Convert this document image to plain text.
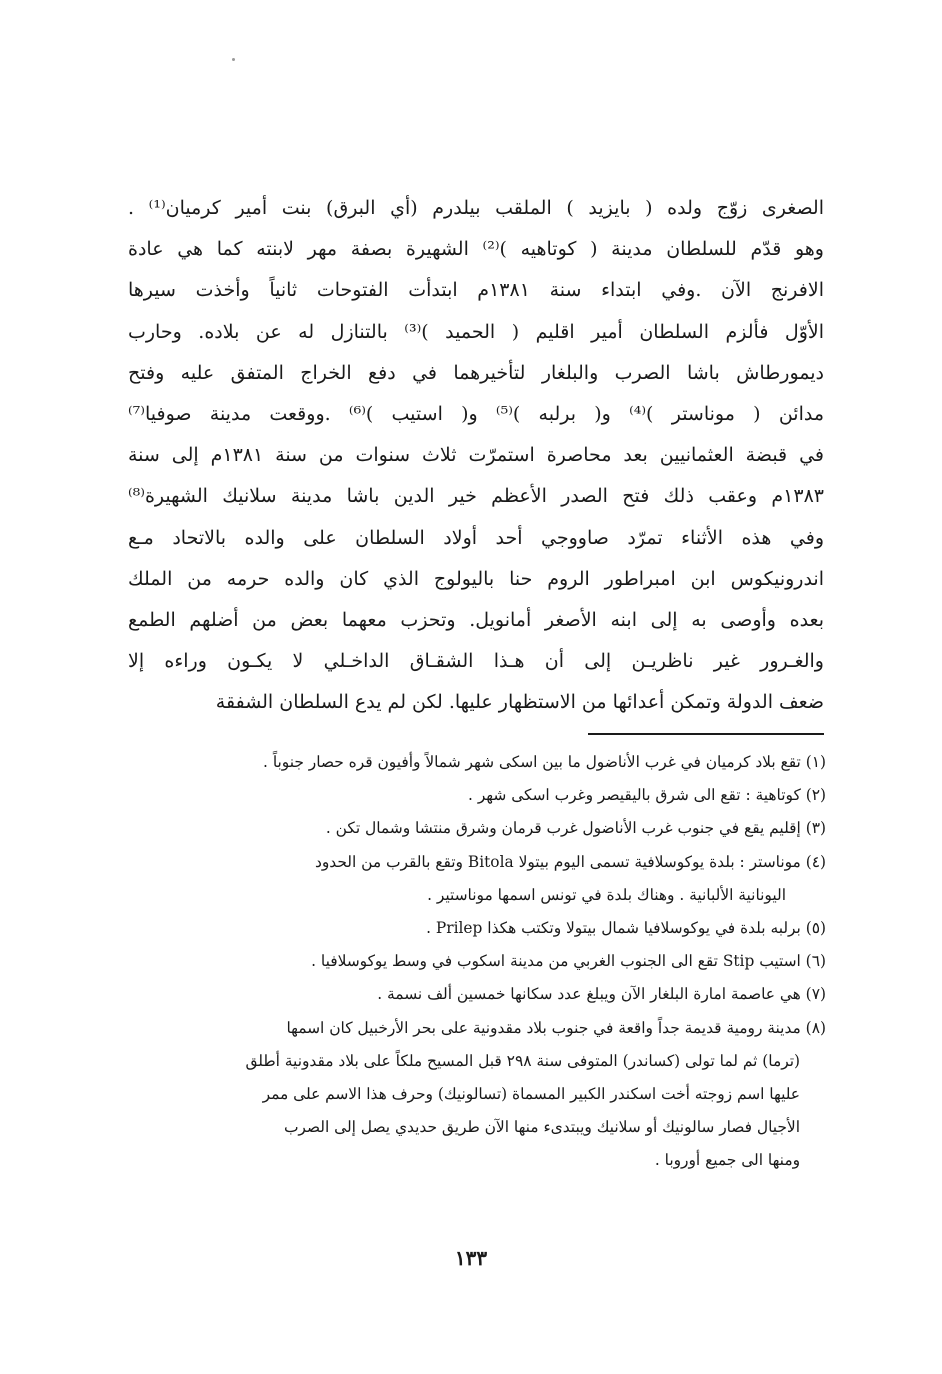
الصغرى زوّج ولده ( بايزيد ) الملقب بيلدرم (أي البرق) بنت أمير كرميان⁽¹⁾ .
وهو قدّم للسلطان مدينة ( كوتاهيه )⁽²⁾ الشهيرة بصفة مهر لابنته كما هي عادة
الافرنج الآن .وفي ابتداء سنة ١٣٨١م ابتدأت الفتوحات ثانياً وأخذت سيرها
الأوّل فألزم السلطان أمير اقليم ( الحميد )⁽³⁾ بالتنازل له عن بلاده. وحارب
ديمورطاش باشا الصرب والبلغار لتأخيرهما في دفع الخراج المتفق عليه وفتح
مدائن ( موناستر )⁽⁴⁾ و( برلبه )⁽⁵⁾ و( استيب )⁽⁶⁾ .ووقعت مدينة صوفيا⁽⁷⁾
في قبضة العثمانيين بعد محاصرة استمرّت ثلاث سنوات من سنة ١٣٨١م إلى سنة
١٣٨٣م وعقب ذلك فتح الصدر الأعظم خير الدين باشا مدينة سلانيك الشهيرة⁽⁸⁾
وفي هذه الأثناء تمرّد صاووجي أحد أولاد السلطان على والده بالاتحاد مـع
اندرونيكوس ابن امبراطور الروم حنا باليولوج الذي كان والده حرمه من الملك
بعده وأوصى به إلى ابنه الأصغر أمانويل. وتحزب معهما بعض من أضلهم الطمع
والغـرور غير ناظريـن إلى أن هـذا الشقـاق الداخـلي لا يكـون وراءه إلا
ضعف الدولة وتمكن أعدائها من الاستظهار عليها. لكن لم يدع السلطان الشفقة
(١) تقع بلاد كرميان في غرب الأناضول ما بين اسكى شهر شمالاً وأفيون قره حصار جنوباً .
(٢) كوتاهية : تقع الى شرق باليقيصر وغرب اسكى شهر .
(٣) إقليم يقع في جنوب غرب الأناضول غرب قرمان وشرق منتشا وشمال تكن .
(٤) موناستر : بلدة يوكوسلافية تسمى اليوم بيتولا Bitola وتقع بالقرب من الحدود
اليونانية الألبانية . وهناك بلدة في تونس اسمها موناستير .
(٥) برلبه بلدة في يوكوسلافيا شمال بيتولا وتكتب هكذا Prilep .
(٦) استيب Stip تقع الى الجنوب الغربي من مدينة اسكوب في وسط يوكوسلافيا .
(٧) هي عاصمة امارة البلغار الآن ويبلغ عدد سكانها خمسين ألف نسمة .
(٨) مدينة رومية قديمة جداً واقعة في جنوب بلاد مقدونية على بحر الأرخبيل كان اسمها
(ترما) ثم لما تولى (كساندر) المتوفى سنة ٢٩٨ قبل المسيح ملكاً على بلاد مقدونية أطلق
عليها اسم زوجته أخت اسكندر الكبير المسماة (تسالونيك) وحرف هذا الاسم على ممر
الأجيال فصار سالونيك أو سلانيك ويبتدىء منها الآن طريق حديدي يصل إلى الصرب
ومنها الى جميع أوروبا .
١٣٣
